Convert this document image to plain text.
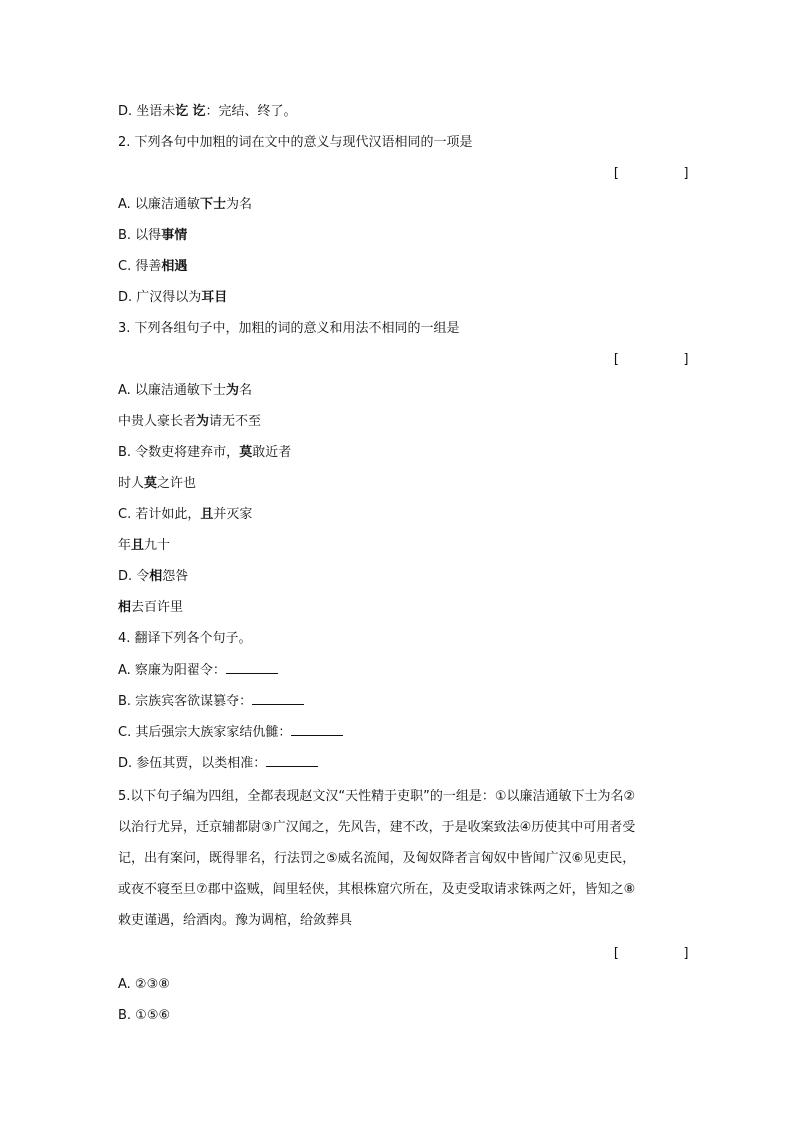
D. 坐语未讫 讫：完结、终了。
2. 下列各句中加粗的词在文中的意义与现代汉语相同的一项是
[        ]
A. 以廉洁通敏下士为名
B. 以得事情
C. 得善相遇
D. 广汉得以为耳目
3. 下列各组句子中，加粗的词的意义和用法不相同的一组是
[        ]
A. 以廉洁通敏下士为名
中贵人豪长者为请无不至
B. 令数吏将建弃市，莫敢近者
时人莫之许也
C. 若计如此，且并灭家
年且九十
D. 令相怨咎
相去百许里
4. 翻译下列各个句子。
A. 察廉为阳翟令：
B. 宗族宾客欲谋篡夺：
C. 其后强宗大族家家结仇雠：
D. 参伍其贾，以类相准：
5.以下句子编为四组，全都表现赵文汉“天性精于吏职”的一组是：①以廉洁通敏下士为名②
以治行尤异，迁京辅都尉③广汉闻之，先风告，建不改，于是收案致法④历使其中可用者受
记，出有案问，既得罪名，行法罚之⑤威名流闻，及匈奴降者言匈奴中皆闻广汉⑥见吏民，
或夜不寝至旦⑦郡中盗贼，闾里轻侠，其根株窟穴所在，及吏受取请求铢两之奸，皆知之⑧
敕吏谨遇，给酒肉。豫为调棺，给敛葬具
[        ]
A. ②③⑧
B. ①⑤⑥
